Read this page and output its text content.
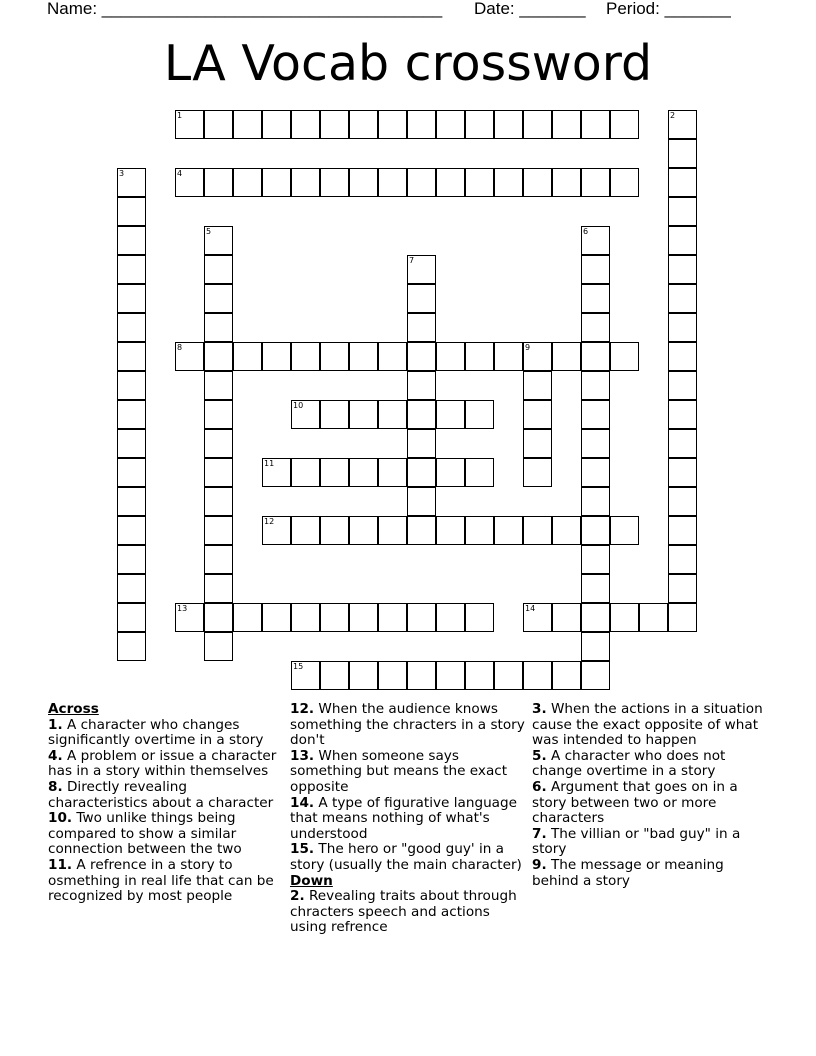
Name: ____________________________________

Date: _______

Period: _______

LA Vocab crossword
1	2
3	4
5	6
7
8	9
10
11
12
13	14
15
Across
1. A character who changes significantly overtime in a story
4. A problem or issue a character has in a story within themselves
8. Directly revealing characteristics about a character
10. Two unlike things being compared to show a similar connection between the two
11. A refrence in a story to osmething in real life that can be recognized by most people
12. When the audience knows something the chracters in a story don't
13. When someone says something but means the exact opposite
14. A type of figurative language that means nothing of what's understood
15. The hero or "good guy' in a story (usually the main character)
Down
2. Revealing traits about through chracters speech and actions using refrence
3. When the actions in a situation cause the exact opposite of what was intended to happen
5. A character who does not change overtime in a story
6. Argument that goes on in a story between two or more characters
7. The villian or "bad guy" in a story
9. The message or meaning behind a story
